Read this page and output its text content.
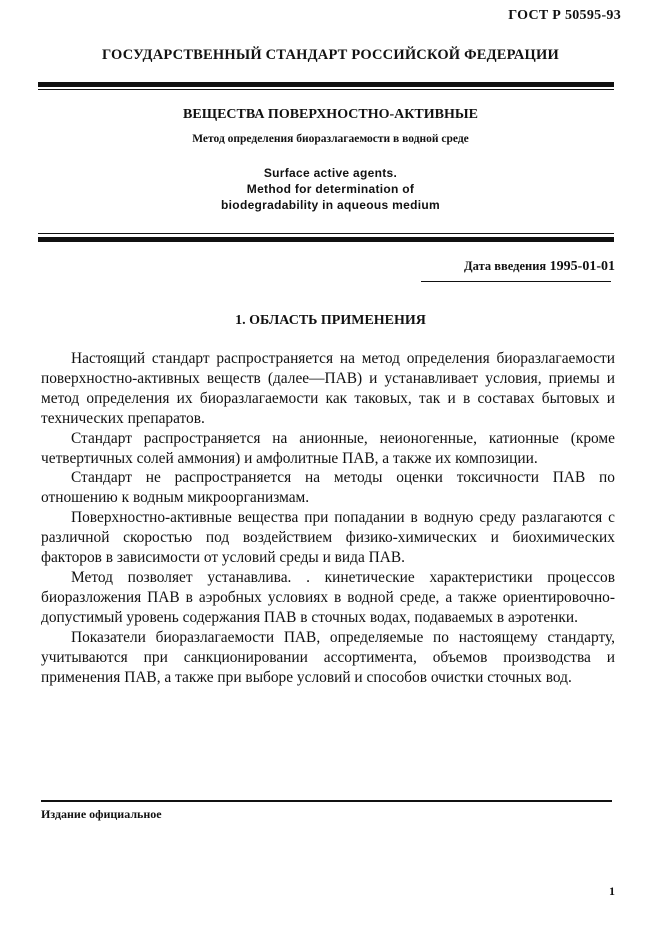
ГОСТ Р 50595-93
ГОСУДАРСТВЕННЫЙ СТАНДАРТ РОССИЙСКОЙ ФЕДЕРАЦИИ
ВЕЩЕСТВА ПОВЕРХНОСТНО-АКТИВНЫЕ
Метод определения биоразлагаемости в водной среде
Surface active agents.
Method for determination of
biodegradability in aqueous medium
Дата введения 1995-01-01
1. ОБЛАСТЬ ПРИМЕНЕНИЯ

Настоящий стандарт распространяется на метод определения биоразлагаемости поверхностно-активных веществ (далее—ПАВ) и устанавливает условия, приемы и метод определения их биоразлагаемости как таковых, так и в составах бытовых и технических препаратов.

Стандарт распространяется на анионные, неионогенные, катионные (кроме четвертичных солей аммония) и амфолитные ПАВ, а также их композиции.

Стандарт не распространяется на методы оценки токсичности ПАВ по отношению к водным микроорганизмам.

Поверхностно-активные вещества при попадании в водную среду разлагаются с различной скоростью под воздействием физико-химических и биохимических факторов в зависимости от условий среды и вида ПАВ.

Метод позволяет устанавлива. . кинетические характеристики процессов биоразложения ПАВ в аэробных условиях в водной среде, а также ориентировочно-допустимый уровень содержания ПАВ в сточных водах, подаваемых в аэротенки.

Показатели биоразлагаемости ПАВ, определяемые по настоящему стандарту, учитываются при санкционировании ассортимента, объемов производства и применения ПАВ, а также при выборе условий и способов очистки сточных вод.

Издание официальное
1
